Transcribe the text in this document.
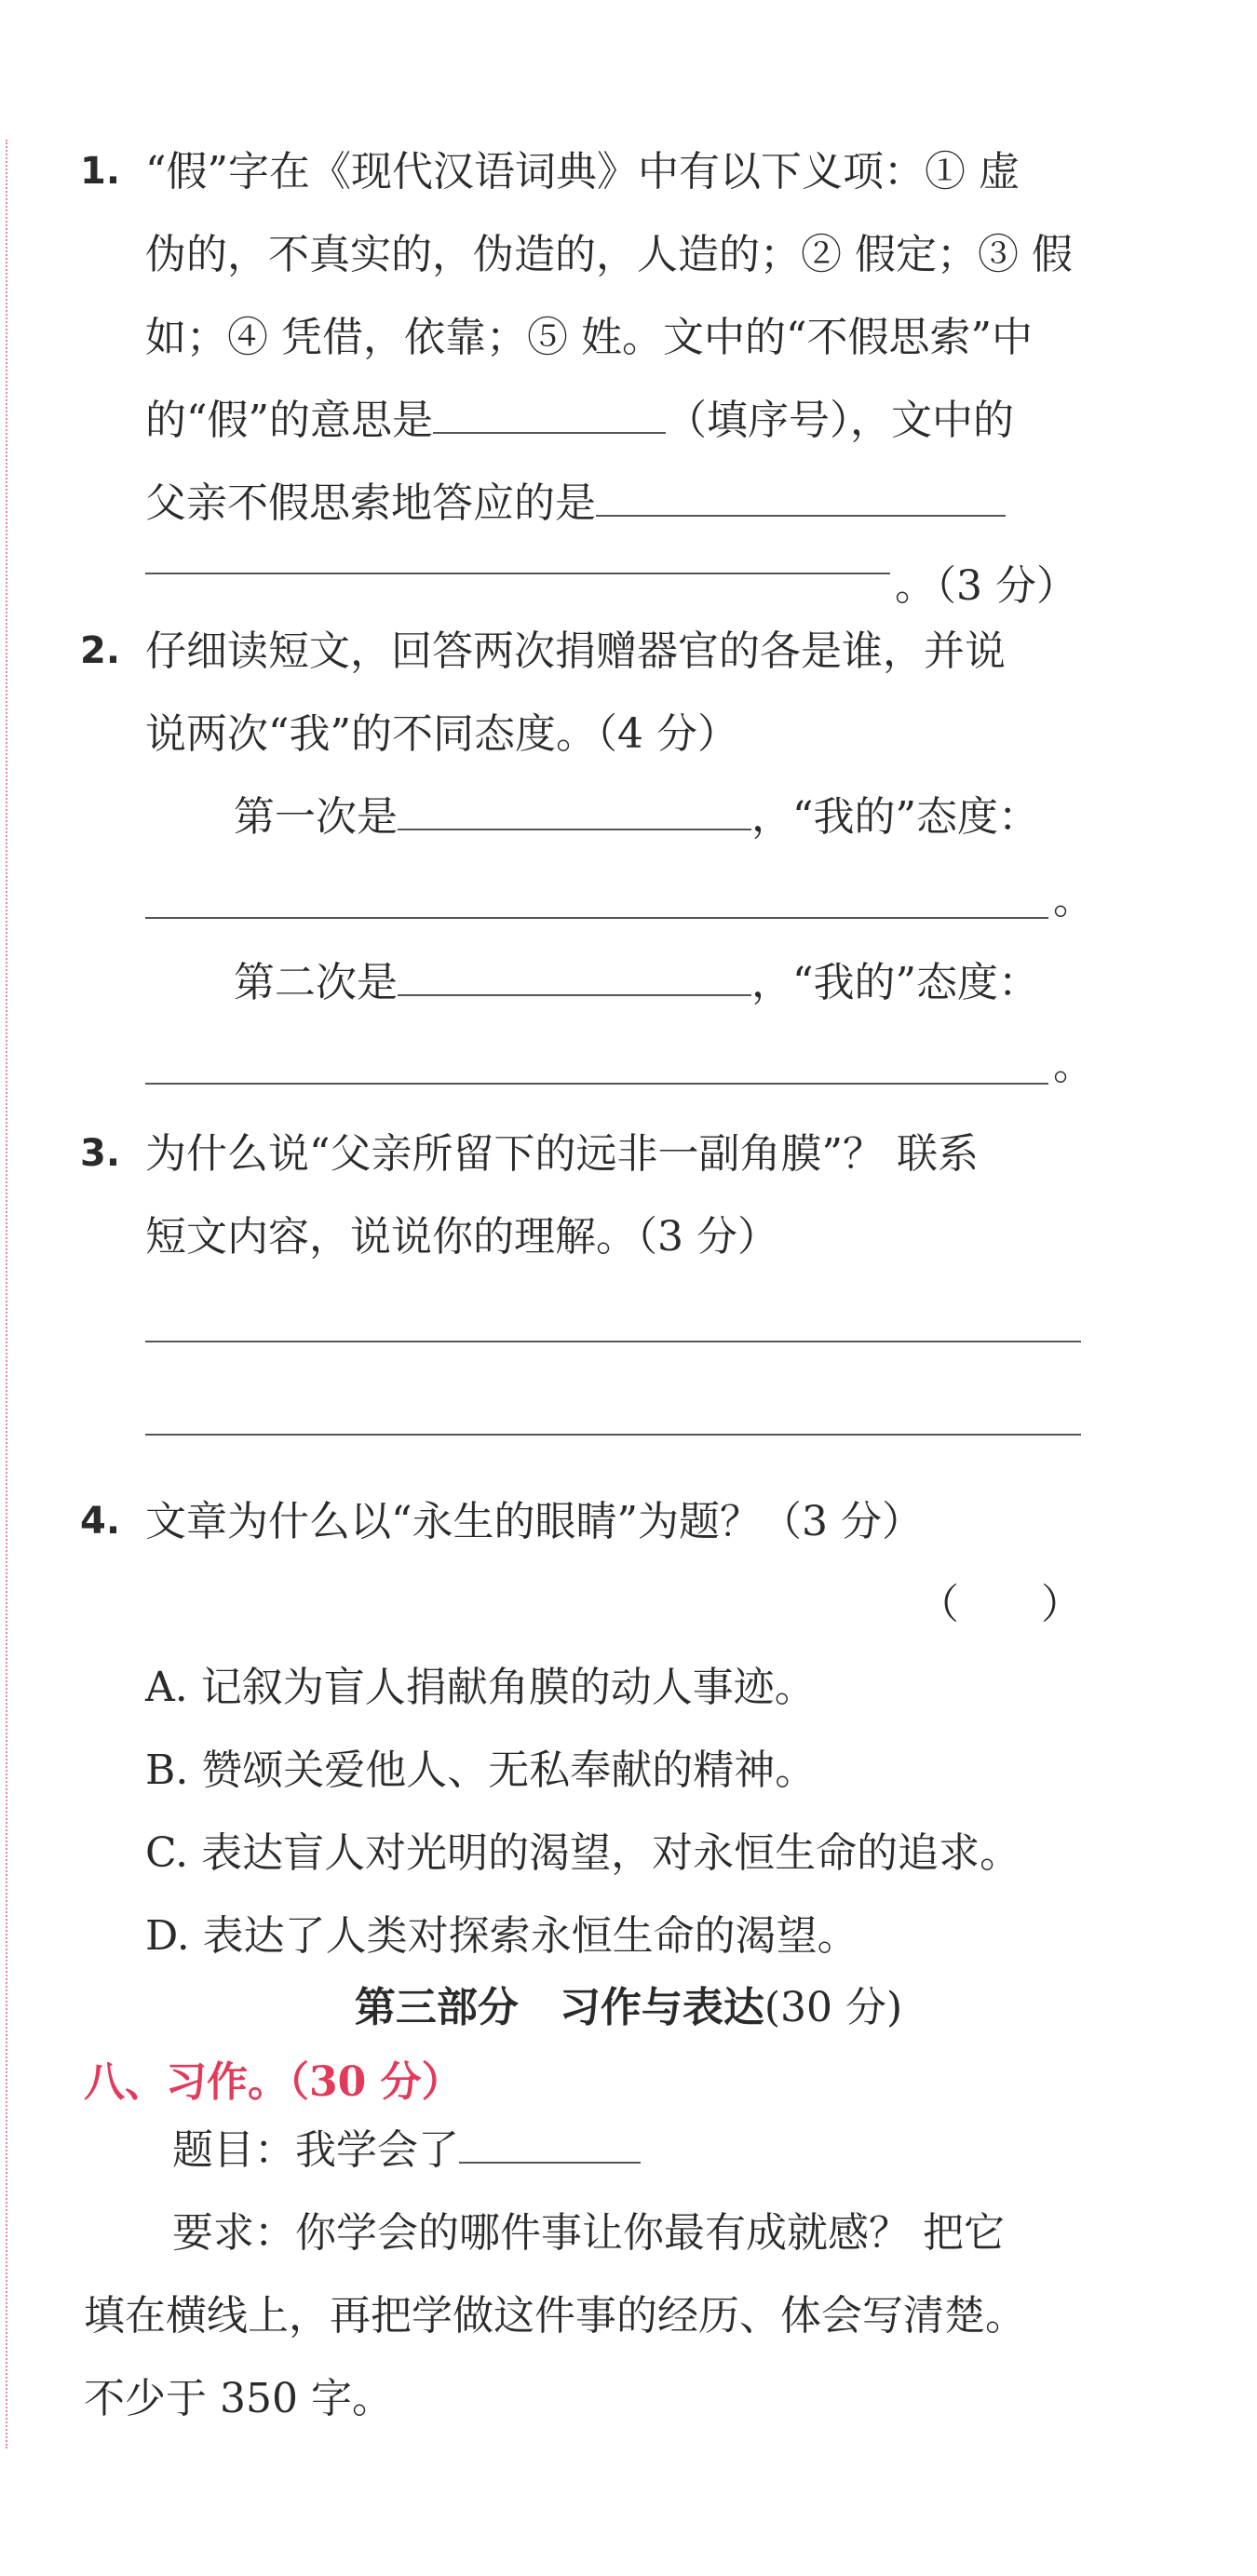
1. “假”字在《现代汉语词典》中有以下义项：① 虚
伪的，不真实的，伪造的，人造的；② 假定；③ 假
如；④ 凭借，依靠；⑤ 姓。文中的“不假思索”中
的“假”的意思是	（填序号），文中的
父亲不假思索地答应的是
。（3 分）
2. 仔细读短文，回答两次捐赠器官的各是谁，并说
说两次“我”的不同态度。（4 分）
第一次是	，“我的”态度：
。
第二次是	，“我的”态度：
。
3. 为什么说“父亲所留下的远非一副角膜”？ 联系
短文内容，说说你的理解。（3 分）
4. 文章为什么以“永生的眼睛”为题？（3 分）
（　　）
A. 记叙为盲人捐献角膜的动人事迹。
B. 赞颂关爱他人、无私奉献的精神。
C. 表达盲人对光明的渴望，对永恒生命的追求。
D. 表达了人类对探索永恒生命的渴望。
第三部分　习作与表达(30 分)
八、习作。（30 分）
题目：我学会了
要求：你学会的哪件事让你最有成就感？ 把它
填在横线上，再把学做这件事的经历、体会写清楚。
不少于 350 字。
